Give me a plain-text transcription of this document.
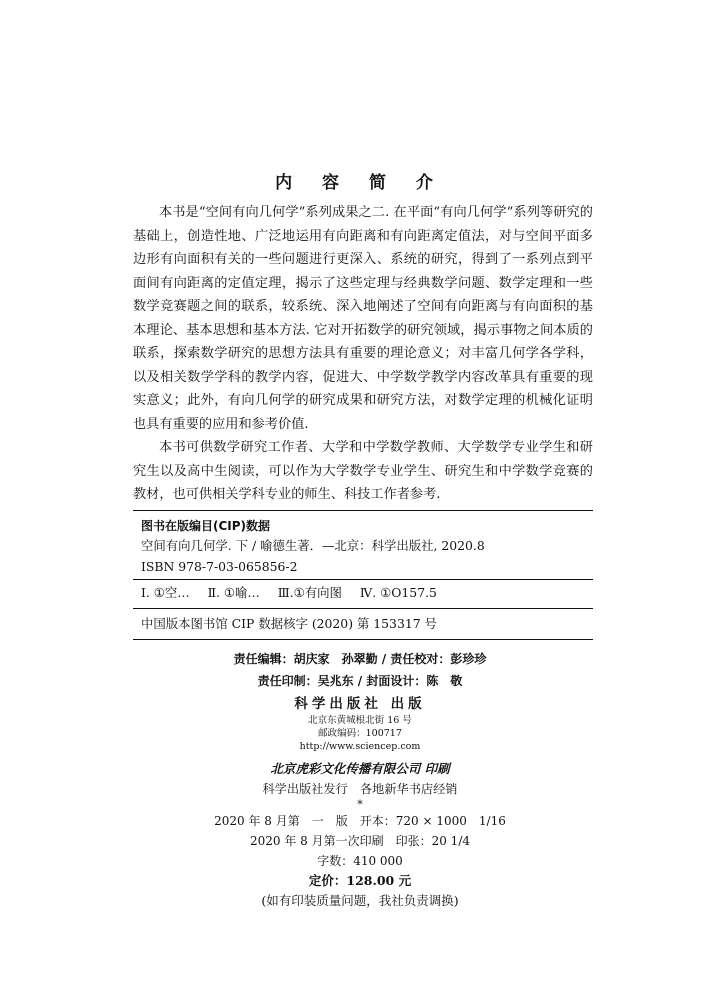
内 容 简 介

本书是“空间有向几何学”系列成果之二. 在平面“有向几何学”系列等研究的基础上，创造性地、广泛地运用有向距离和有向距离定值法，对与空间平面多边形有向面积有关的一些问题进行更深入、系统的研究，得到了一系列点到平面间有向距离的定值定理，揭示了这些定理与经典数学问题、数学定理和一些数学竞赛题之间的联系，较系统、深入地阐述了空间有向距离与有向面积的基本理论、基本思想和基本方法. 它对开拓数学的研究领域，揭示事物之间本质的联系，探索数学研究的思想方法具有重要的理论意义；对丰富几何学各学科，以及相关数学学科的教学内容，促进大、中学数学教学内容改革具有重要的现实意义；此外，有向几何学的研究成果和研究方法，对数学定理的机械化证明也具有重要的应用和参考价值.

本书可供数学研究工作者、大学和中学数学教师、大学数学专业学生和研究生以及高中生阅读，可以作为大学数学专业学生、研究生和中学数学竞赛的教材，也可供相关学科专业的师生、科技工作者参考.

图书在版编目(CIP)数据
空间有向几何学. 下 / 喻德生著．—北京：科学出版社, 2020.8
ISBN 978-7-03-065856-2
Ⅰ. ①空… Ⅱ. ①喻… Ⅲ.①有向图 Ⅳ. ①O157.5
中国版本图书馆 CIP 数据核字 (2020) 第 153317 号
责任编辑：胡庆家　孙翠勤 / 责任校对：彭珍珍
责任印制：吴兆东 / 封面设计：陈　敬
科学出版社 出版
北京东黄城根北街 16 号
邮政编码：100717
http://www.sciencep.com
北京虎彩文化传播有限公司 印刷
科学出版社发行　各地新华书店经销
*
2020 年 8 月第　一　版　开本：720 × 1000　1/16
2020 年 8 月第一次印刷　印张：20 1/4
字数：410 000
定价：128.00 元
(如有印装质量问题，我社负责调换)
